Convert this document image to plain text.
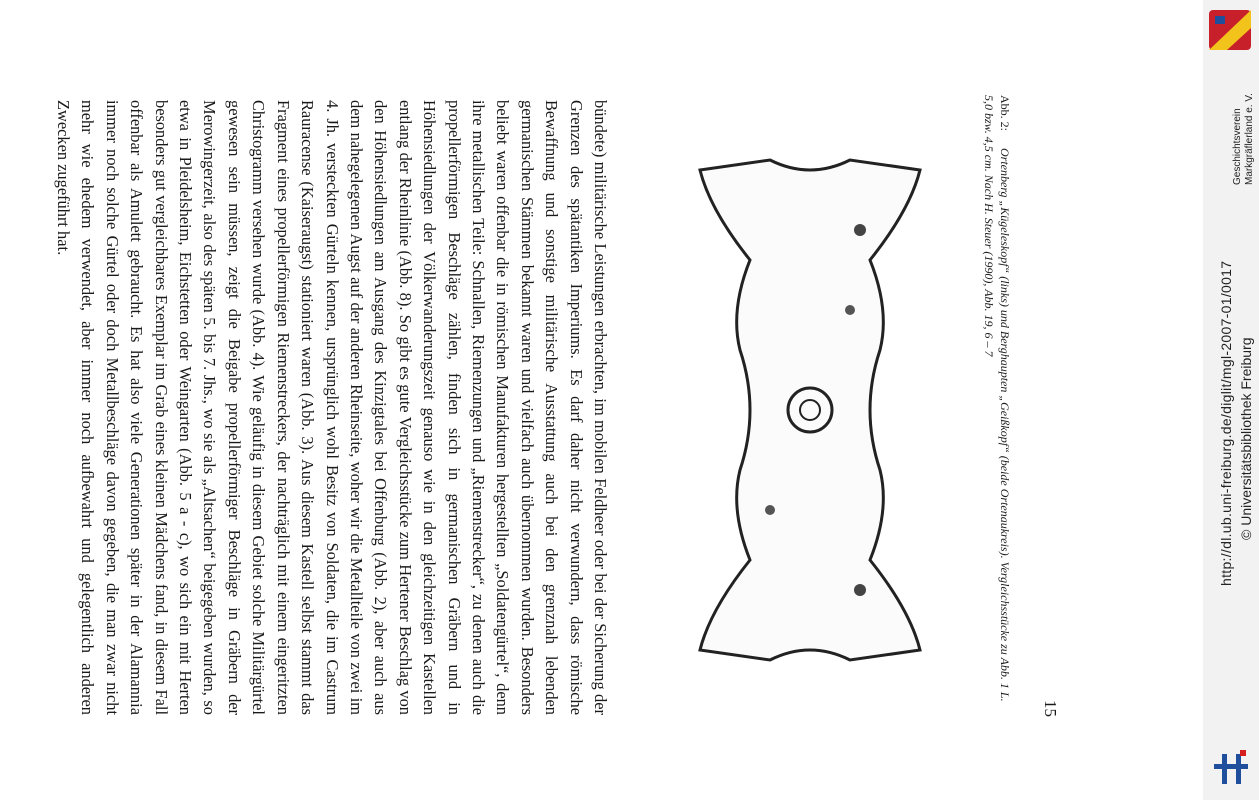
bündete) militärische Leistungen erbrachten, im mobilen Feldheer oder bei der Sicherung der Grenzen des spätantiken Imperiums. Es darf daher nicht verwundern, dass römische Bewaffnung und sonstige militärische Ausstattung auch bei den grenznah lebenden germanischen Stämmen bekannt waren und vielfach auch übernommen wurden. Besonders beliebt waren offenbar die in römischen Manufakturen hergestellten „Soldatengürtel“, denn ihre metallischen Teile: Schnallen, Riemenzungen und „Riemenstrecker“, zu denen auch die propellerförmigen Beschläge zählen, finden sich in germanischen Gräbern und in Höhensiedlungen der Völkerwanderungszeit genauso wie in den gleichzeitigen Kastellen entlang der Rheinlinie (Abb. 8). So gibt es gute Vergleichsstücke zum Hertener Beschlag von den Höhensiedlungen am Ausgang des Kinzigtales bei Offenburg (Abb. 2), aber auch aus dem nahegelegenen Augst auf der anderen Rheinseite, woher wir die Metallteile von zwei im 4. Jh. versteckten Gürteln kennen, ursprünglich wohl Besitz von Soldaten, die im Castrum Rauracense (Kaiseraugst) stationiert waren (Abb. 3). Aus diesem Kastell selbst stammt das Fragment eines propellerförmigen Riemenstreckers, der nachträglich mit einem eingeritzten Christogramm versehen wurde (Abb. 4). Wie geläufig in diesem Gebiet solche Militärgürtel gewesen sein müssen, zeigt die Beigabe propellerförmiger Beschläge in Gräbern der Merowingerzeit, also des späten 5. bis 7. Jhs., wo sie als „Altsachen“ beigegeben wurden, so etwa in Pleidelsheim, Eichstetten oder Weingarten (Abb. 5 a - c), wo sich ein mit Herten besonders gut vergleichbares Exemplar im Grab eines kleinen Mädchens fand, in diesem Fall offenbar als Amulett gebraucht. Es hat also viele Generationen später in der Alamannia immer noch solche Gürtel oder doch Metallbeschläge davon gegeben, die man zwar nicht mehr wie ehedem verwendet, aber immer noch aufbewahrt und gelegentlich anderen Zwecken zugeführt hat.	Abb. 2: Ortenberg „Kügeleskopf“ (links) und Berghaupten „Geißkopf“ (beide Ortenaukreis). Vergleichsstücke zu Abb. 1 L. 5,0 bzw. 4,5 cm. Nach H. Steuer (1990), Abb. 19, 6 – 7
15
Geschichtsverein Markgräflerland e. V.
http://dl.ub.uni-freiburg.de/diglit/mgl-2007-01/0017 © Universitätsbibliothek Freiburg
